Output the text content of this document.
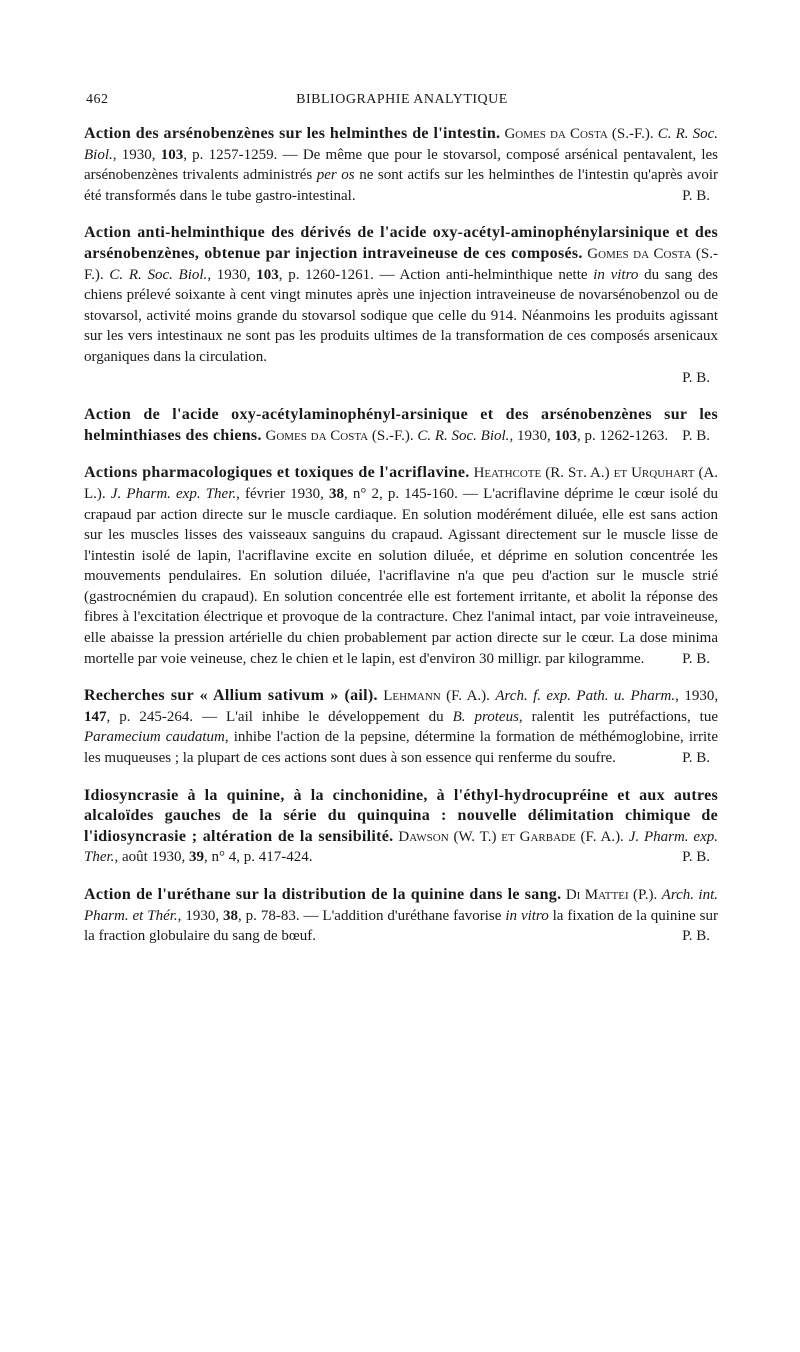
462	BIBLIOGRAPHIE ANALYTIQUE

Action des arsénobenzènes sur les helminthes de l'intestin. Gomes da Costa (S.-F.). C. R. Soc. Biol., 1930, 103, p. 1257-1259. — De même que pour le stovarsol, composé arsénical pentavalent, les arsénobenzènes trivalents administrés per os ne sont actifs sur les helminthes de l'intestin qu'après avoir été transformés dans le tube gastro-intestinal.	P. B.

Action anti-helminthique des dérivés de l'acide oxy-acétyl-aminophénylarsinique et des arsénobenzènes, obtenue par injection intraveineuse de ces composés. Gomes da Costa (S.-F.). C. R. Soc. Biol., 1930, 103, p. 1260-1261. — Action anti-helminthique nette in vitro du sang des chiens prélevé soixante à cent vingt minutes après une injection intraveineuse de novarsénobenzol ou de stovarsol, activité moins grande du stovarsol sodique que celle du 914. Néanmoins les produits agissant sur les vers intestinaux ne sont pas les produits ultimes de la transformation de ces composés arsenicaux organiques dans la circulation.

P. B.

Action de l'acide oxy-acétylaminophényl-arsinique et des arsénobenzènes sur les helminthiases des chiens. Gomes da Costa (S.-F.). C. R. Soc. Biol., 1930, 103, p. 1262-1263. P. B.

Actions pharmacologiques et toxiques de l'acriflavine. Heathcote (R. St. A.) et Urquhart (A. L.). J. Pharm. exp. Ther., février 1930, 38, n° 2, p. 145-160. — L'acriflavine déprime le cœur isolé du crapaud par action directe sur le muscle cardiaque. En solution modérément diluée, elle est sans action sur les muscles lisses des vaisseaux sanguins du crapaud. Agissant directement sur le muscle lisse de l'intestin isolé de lapin, l'acriflavine excite en solution diluée, et déprime en solution concentrée les mouvements pendulaires. En solution diluée, l'acriflavine n'a que peu d'action sur le muscle strié (gastrocnémien du crapaud). En solution concentrée elle est fortement irritante, et abolit la réponse des fibres à l'excitation électrique et provoque de la contracture. Chez l'animal intact, par voie intraveineuse, elle abaisse la pression artérielle du chien probablement par action directe sur le cœur. La dose minima mortelle par voie veineuse, chez le chien et le lapin, est d'environ 30 milligr. par kilogramme.	P. B.

Recherches sur « Allium sativum » (ail). Lehmann (F. A.). Arch. f. exp. Path. u. Pharm., 1930, 147, p. 245-264. — L'ail inhibe le développement du B. proteus, ralentit les putréfactions, tue Paramecium caudatum, inhibe l'action de la pepsine, détermine la formation de méthémoglobine, irrite les muqueuses ; la plupart de ces actions sont dues à son essence qui renferme du soufre.	P. B.

Idiosyncrasie à la quinine, à la cinchonidine, à l'éthyl-hydrocupréine et aux autres alcaloïdes gauches de la série du quinquina : nouvelle délimitation chimique de l'idiosyncrasie ; altération de la sensibilité. Dawson (W. T.) et Garbade (F. A.). J. Pharm. exp. Ther., août 1930, 39, n° 4, p. 417-424.	P. B.

Action de l'uréthane sur la distribution de la quinine dans le sang. Di Mattei (P.). Arch. int. Pharm. et Thér., 1930, 38, p. 78-83. — L'addition d'uréthane favorise in vitro la fixation de la quinine sur la fraction globulaire du sang de bœuf.	P. B.
